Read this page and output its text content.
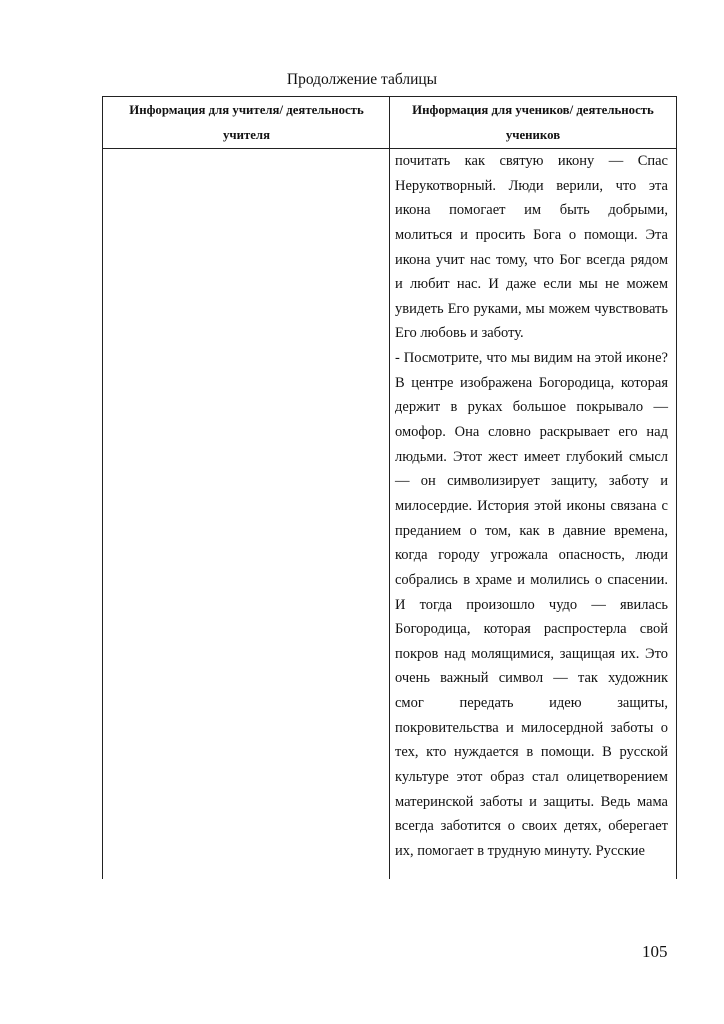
Продолжение таблицы
Информация для учителя/ деятельность учителя
Информация для учеников/ деятельность учеников
почитать как святую икону — Спас
Нерукотворный. Люди верили, что эта
икона помогает им быть добрыми,
молиться и просить Бога о помощи. Эта
икона учит нас тому, что Бог всегда рядом
и любит нас. И даже если мы не можем
увидеть Его руками, мы можем чувствовать
Его любовь и заботу.
- Посмотрите, что мы видим на этой иконе?
В центре изображена Богородица, которая
держит в руках большое покрывало —
омофор. Она словно раскрывает его над
людьми. Этот жест имеет глубокий смысл
— он символизирует защиту, заботу и
милосердие. История этой иконы связана с
преданием о том, как в давние времена,
когда городу угрожала опасность, люди
собрались в храме и молились о спасении.
И тогда произошло чудо — явилась
Богородица, которая распростерла свой
покров над молящимися, защищая их. Это
очень важный символ — так художник
смог передать идею защиты,
покровительства и милосердной заботы о
тех, кто нуждается в помощи. В русской
культуре этот образ стал олицетворением
материнской заботы и защиты. Ведь мама
всегда заботится о своих детях, оберегает
их, помогает в трудную минуту. Русские
105
